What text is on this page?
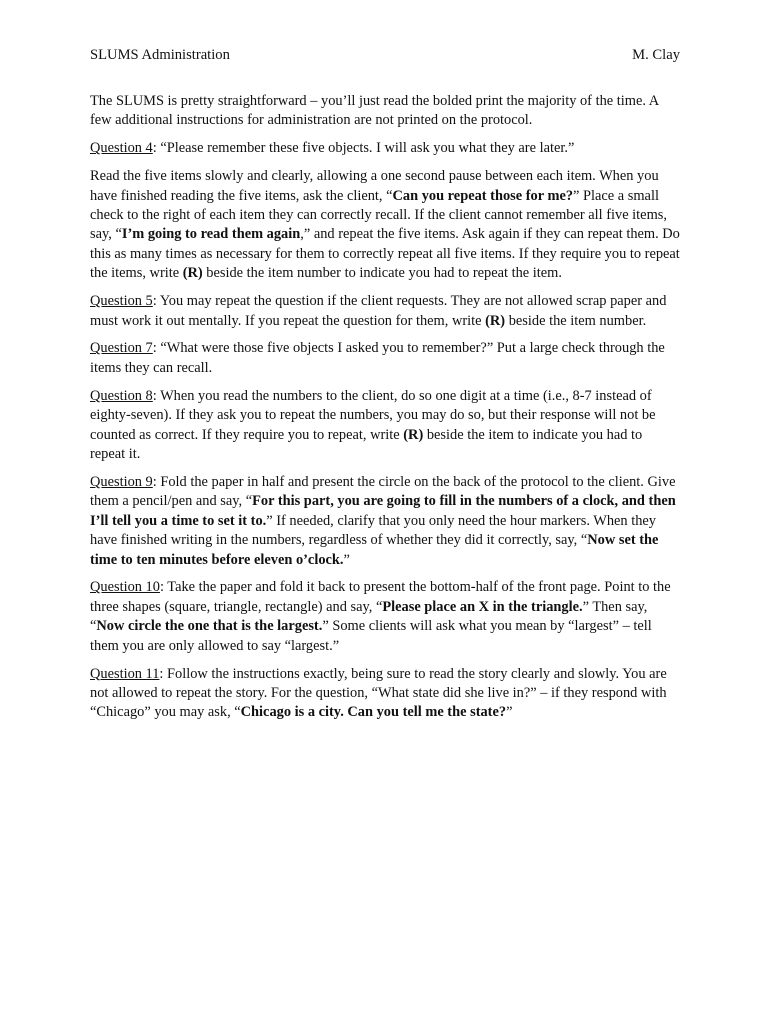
SLUMS Administration	M. Clay

The SLUMS is pretty straightforward – you’ll just read the bolded print the majority of the time. A few additional instructions for administration are not printed on the protocol.

Question 4: “Please remember these five objects. I will ask you what they are later.”

Read the five items slowly and clearly, allowing a one second pause between each item. When you have finished reading the five items, ask the client, “Can you repeat those for me?” Place a small check to the right of each item they can correctly recall. If the client cannot remember all five items, say, “I’m going to read them again,” and repeat the five items. Ask again if they can repeat them. Do this as many times as necessary for them to correctly repeat all five items. If they require you to repeat the items, write (R) beside the item number to indicate you had to repeat the item.

Question 5: You may repeat the question if the client requests. They are not allowed scrap paper and must work it out mentally. If you repeat the question for them, write (R) beside the item number.

Question 7: “What were those five objects I asked you to remember?” Put a large check through the items they can recall.

Question 8: When you read the numbers to the client, do so one digit at a time (i.e., 8-7 instead of eighty-seven). If they ask you to repeat the numbers, you may do so, but their response will not be counted as correct. If they require you to repeat, write (R) beside the item to indicate you had to repeat it.

Question 9: Fold the paper in half and present the circle on the back of the protocol to the client. Give them a pencil/pen and say, “For this part, you are going to fill in the numbers of a clock, and then I’ll tell you a time to set it to.” If needed, clarify that you only need the hour markers. When they have finished writing in the numbers, regardless of whether they did it correctly, say, “Now set the time to ten minutes before eleven o’clock.”

Question 10: Take the paper and fold it back to present the bottom-half of the front page. Point to the three shapes (square, triangle, rectangle) and say, “Please place an X in the triangle.” Then say, “Now circle the one that is the largest.” Some clients will ask what you mean by “largest” – tell them you are only allowed to say “largest.”

Question 11: Follow the instructions exactly, being sure to read the story clearly and slowly. You are not allowed to repeat the story. For the question, “What state did she live in?” – if they respond with “Chicago” you may ask, “Chicago is a city. Can you tell me the state?”
